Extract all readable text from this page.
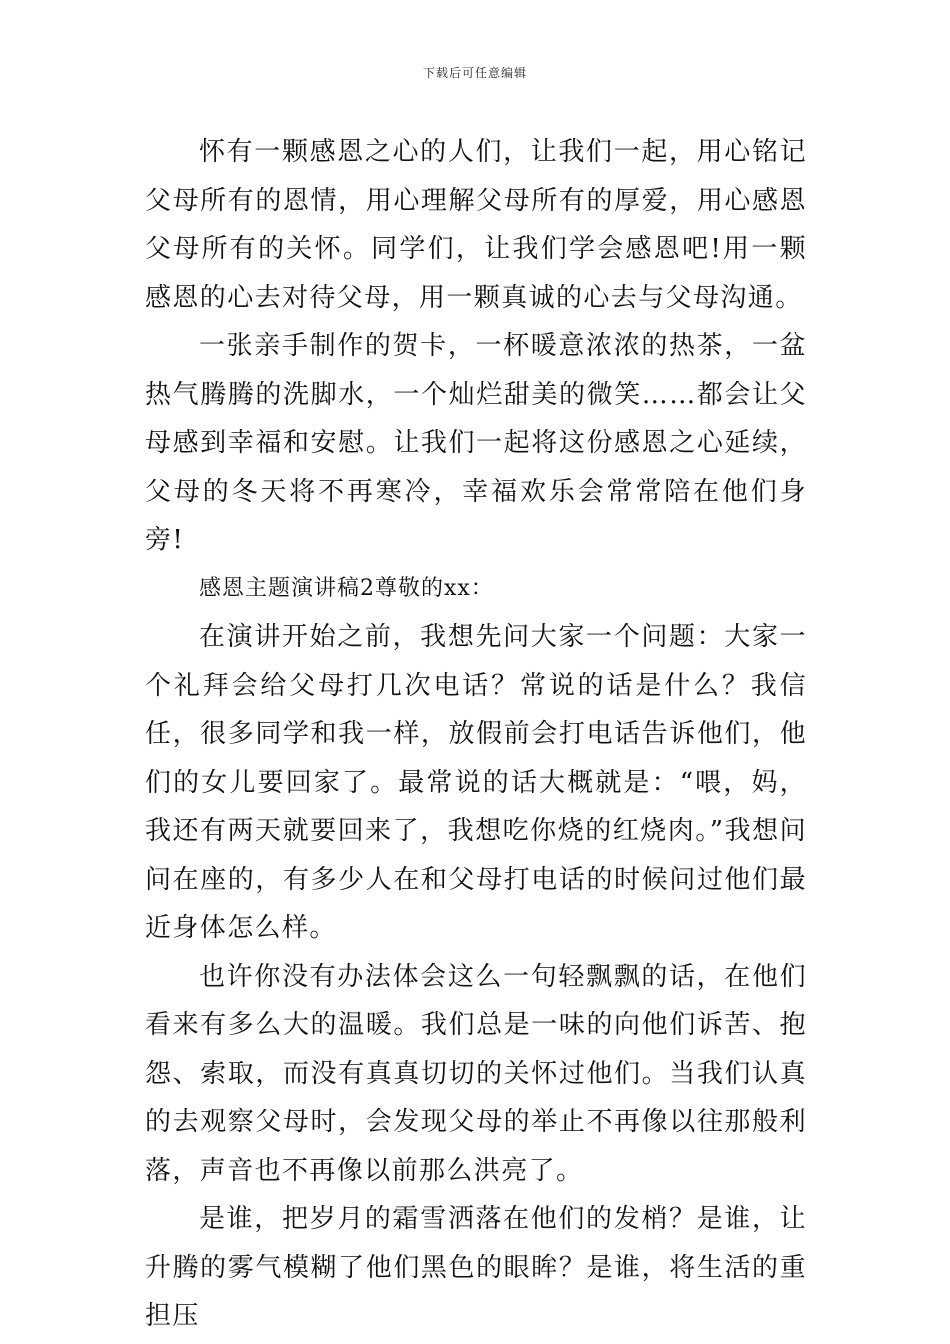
下载后可任意编辑

怀有一颗感恩之心的人们，让我们一起，用心铭记父母所有的恩情，用心理解父母所有的厚爱，用心感恩父母所有的关怀。同学们，让我们学会感恩吧!用一颗感恩的心去对待父母，用一颗真诚的心去与父母沟通。

一张亲手制作的贺卡，一杯暖意浓浓的热茶，一盆热气腾腾的洗脚水，一个灿烂甜美的微笑……都会让父母感到幸福和安慰。让我们一起将这份感恩之心延续，父母的冬天将不再寒冷，幸福欢乐会常常陪在他们身旁!

感恩主题演讲稿2尊敬的xx：

在演讲开始之前，我想先问大家一个问题：大家一个礼拜会给父母打几次电话？常说的话是什么？我信任，很多同学和我一样，放假前会打电话告诉他们，他们的女儿要回家了。最常说的话大概就是：“喂，妈，我还有两天就要回来了，我想吃你烧的红烧肉。”我想问问在座的，有多少人在和父母打电话的时候问过他们最近身体怎么样。

也许你没有办法体会这么一句轻飘飘的话，在他们看来有多么大的温暖。我们总是一味的向他们诉苦、抱怨、索取，而没有真真切切的关怀过他们。当我们认真的去观察父母时，会发现父母的举止不再像以往那般利落，声音也不再像以前那么洪亮了。

是谁，把岁月的霜雪洒落在他们的发梢？是谁，让升腾的雾气模糊了他们黑色的眼眸？是谁，将生活的重担压
